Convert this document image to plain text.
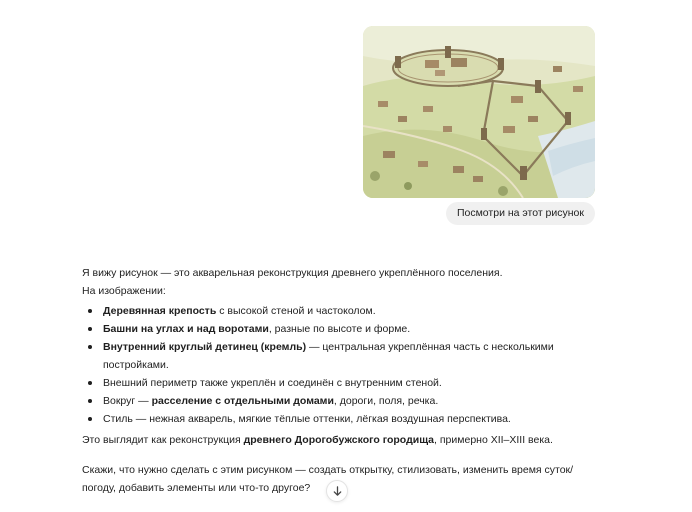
Посмотри на этот рисунок

Я вижу рисунок — это акварельная реконструкция древнего укреплённого поселения.

На изображении:

Деревянная крепость с высокой стеной и частоколом.
Башни на углах и над воротами, разные по высоте и форме.
Внутренний круглый детинец (кремль) — центральная укреплённая часть с несколькими постройками.
Внешний периметр также укреплён и соединён с внутренним стеной.
Вокруг — расселение с отдельными домами, дороги, поля, речка.
Стиль — нежная акварель, мягкие тёплые оттенки, лёгкая воздушная перспектива.

Это выглядит как реконструкция древнего Дорогобужского городища, примерно XII–XIII века.

Скажи, что нужно сделать с этим рисунком — создать открытку, стилизовать, изменить время суток/погоду, добавить элементы или что-то другое?
